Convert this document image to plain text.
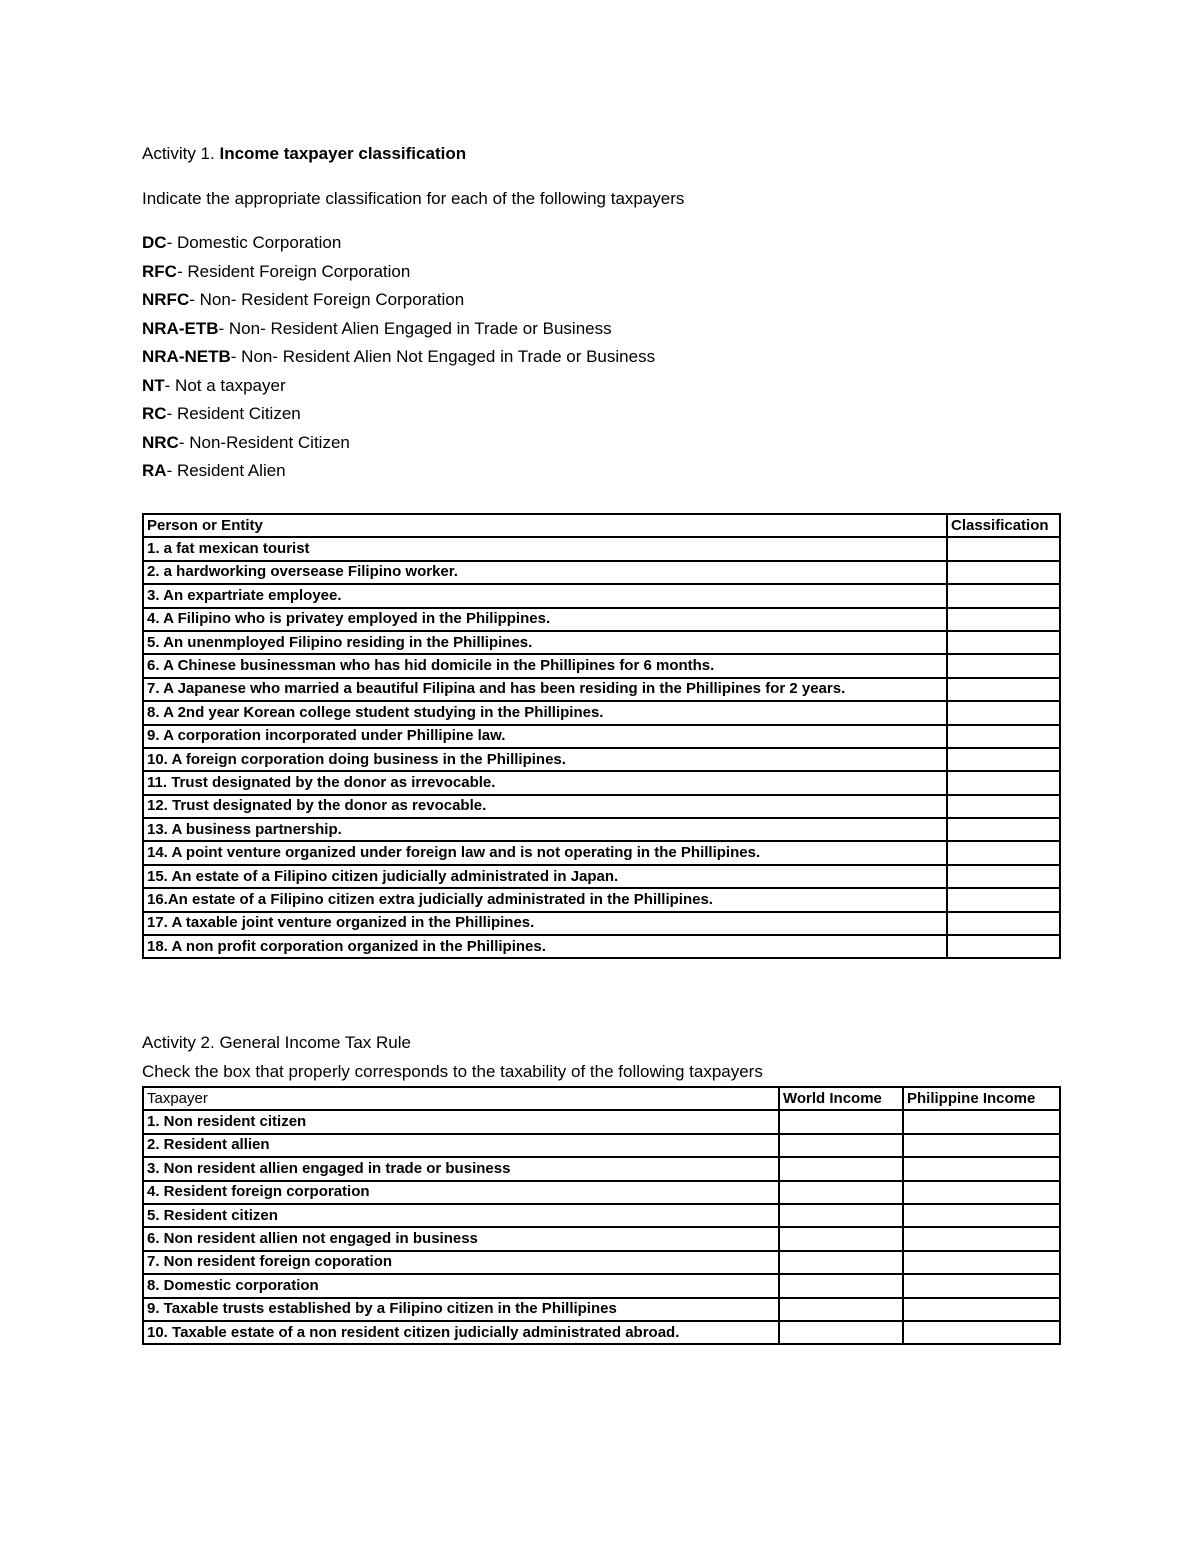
Activity 1. Income taxpayer classification
Indicate the appropriate classification for each of the following taxpayers
DC- Domestic Corporation
RFC- Resident Foreign Corporation
NRFC- Non- Resident Foreign Corporation
NRA-ETB- Non- Resident Alien Engaged in Trade or Business
NRA-NETB- Non- Resident Alien Not Engaged in Trade or Business
NT- Not a taxpayer
RC- Resident Citizen
NRC- Non-Resident Citizen
RA- Resident Alien
Person or Entity	Classification
1. a fat mexican tourist	
2. a hardworking oversease Filipino worker.	
3. An expartriate employee.	
4. A Filipino who is privatey employed in the Philippines.	
5. An unenmployed Filipino residing in the Phillipines.	
6. A Chinese businessman who has hid domicile in the Phillipines for 6 months.	
7. A Japanese who married a beautiful Filipina and has been residing in the Phillipines for 2 years.	
8. A 2nd year Korean college student studying in the Phillipines.	
9. A corporation incorporated under Phillipine law.	
10. A foreign corporation doing business in the Phillipines.	
11. Trust designated by the donor as irrevocable.	
12. Trust designated by the donor as revocable.	
13. A business partnership.	
14. A point venture organized under foreign law and is not operating in the Phillipines.	
15. An estate of a Filipino citizen judicially administrated in Japan.	
16.An estate of a Filipino citizen extra judicially administrated in the Phillipines.	
17. A taxable joint venture organized in the Phillipines.	
18. A non profit corporation organized in the Phillipines.	
Activity 2. General Income Tax Rule
Check the box that properly corresponds to the taxability of the following taxpayers
Taxpayer	World Income	Philippine Income
1. Non resident citizen		
2. Resident allien		
3. Non resident allien engaged in trade or business		
4. Resident foreign corporation		
5. Resident citizen		
6. Non resident allien not engaged in business		
7. Non resident foreign coporation		
8. Domestic corporation		
9. Taxable trusts established by a Filipino citizen in the Phillipines		
10. Taxable estate of a non resident citizen judicially administrated abroad.		
